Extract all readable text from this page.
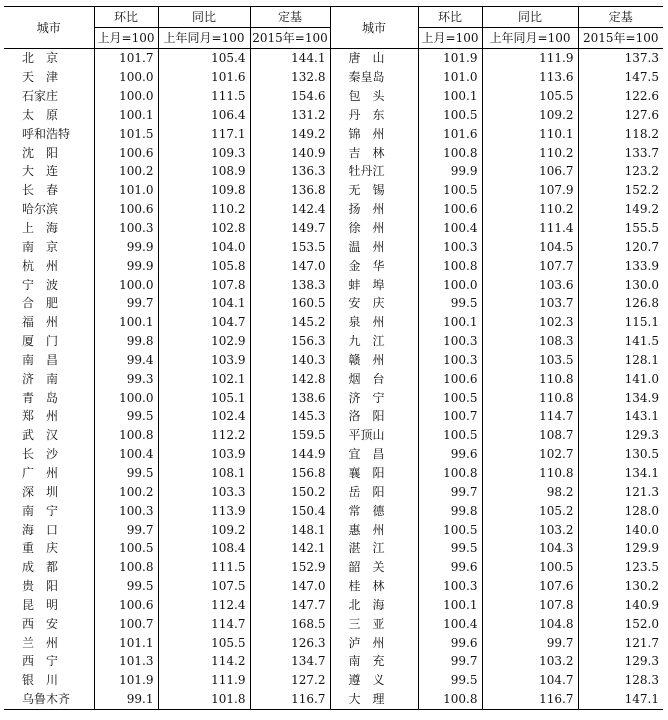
城市	环比	同比	定基	城市	环比	同比	定基
	上月=100	上年同月=100	2015年=100		上月=100	上年同月=100	2015年=100
北　京	101.7	105.4	144.1	唐　山	101.9	111.9	137.3
天　津	100.0	101.6	132.8	秦皇岛	101.0	113.6	147.5
石家庄	100.0	111.5	154.6	包　头	100.1	105.5	122.6
太　原	100.1	106.4	131.2	丹　东	100.5	109.2	127.6
呼和浩特	101.5	117.1	149.2	锦　州	101.6	110.1	118.2
沈　阳	100.6	109.3	140.9	吉　林	100.8	110.2	133.7
大　连	100.2	108.9	136.3	牡丹江	99.9	106.7	123.2
长　春	101.0	109.8	136.8	无　锡	100.5	107.9	152.2
哈尔滨	100.6	110.2	142.4	扬　州	100.6	110.2	149.2
上　海	100.3	102.8	149.7	徐　州	100.4	111.4	155.5
南　京	99.9	104.0	153.5	温　州	100.3	104.5	120.7
杭　州	99.9	105.8	147.0	金　华	100.8	107.7	133.9
宁　波	100.0	107.8	138.3	蚌　埠	100.0	103.6	130.0
合　肥	99.7	104.1	160.5	安　庆	99.5	103.7	126.8
福　州	100.1	104.7	145.2	泉　州	100.1	102.3	115.1
厦　门	99.8	102.9	156.3	九　江	100.3	108.3	141.5
南　昌	99.4	103.9	140.3	赣　州	100.3	103.5	128.1
济　南	99.3	102.1	142.8	烟　台	100.6	110.8	141.0
青　岛	100.0	105.1	138.6	济　宁	100.5	110.8	134.9
郑　州	99.5	102.4	145.3	洛　阳	100.7	114.7	143.1
武　汉	100.8	112.2	159.5	平顶山	100.5	108.7	129.3
长　沙	100.4	103.9	144.9	宜　昌	99.6	102.7	130.5
广　州	99.5	108.1	156.8	襄　阳	100.8	110.8	134.1
深　圳	100.2	103.3	150.2	岳　阳	99.7	98.2	121.3
南　宁	100.3	113.9	150.4	常　德	99.8	105.2	128.0
海　口	99.7	109.2	148.1	惠　州	100.5	103.2	140.0
重　庆	100.5	108.4	142.1	湛　江	99.5	104.3	129.9
成　都	100.8	111.5	152.9	韶　关	99.6	100.5	123.5
贵　阳	99.5	107.5	147.0	桂　林	100.3	107.6	130.2
昆　明	100.6	112.4	147.7	北　海	100.1	107.8	140.9
西　安	100.7	114.7	168.5	三　亚	100.4	104.8	152.0
兰　州	101.1	105.5	126.3	泸　州	99.6	99.7	121.7
西　宁	101.3	114.2	134.7	南　充	99.7	103.2	129.3
银　川	101.9	111.9	127.2	遵　义	99.5	104.7	128.3
乌鲁木齐	99.1	101.8	116.7	大　理	100.8	116.7	147.1
